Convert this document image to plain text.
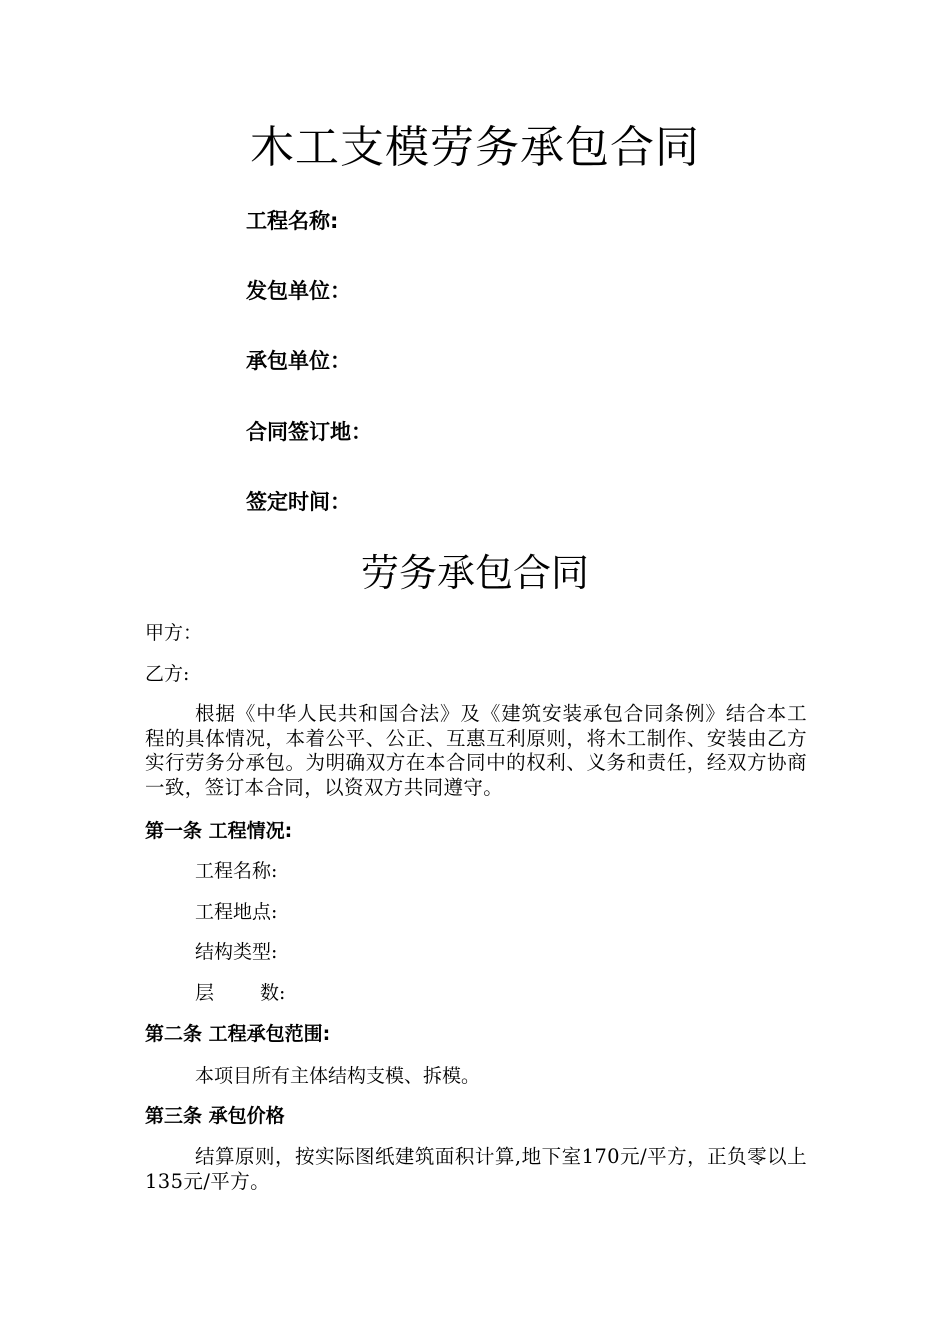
木工支模劳务承包合同
工程名称:
发包单位：
承包单位：
合同签订地：
签定时间：
劳务承包合同
甲方：
乙方:
根据《中华人民共和国合法》及《建筑安装承包合同条例》结合本工程的具体情况，本着公平、公正、互惠互利原则，将木工制作、安装由乙方实行劳务分承包。为明确双方在本合同中的权利、义务和责任，经双方协商一致，签订本合同，以资双方共同遵守。
第一条 工程情况:
工程名称:
工程地点:
结构类型:
层 数:
第二条 工程承包范围:
本项目所有主体结构支模、拆模。
第三条 承包价格
结算原则，按实际图纸建筑面积计算,地下室170元/平方，正负零以上135元/平方。
